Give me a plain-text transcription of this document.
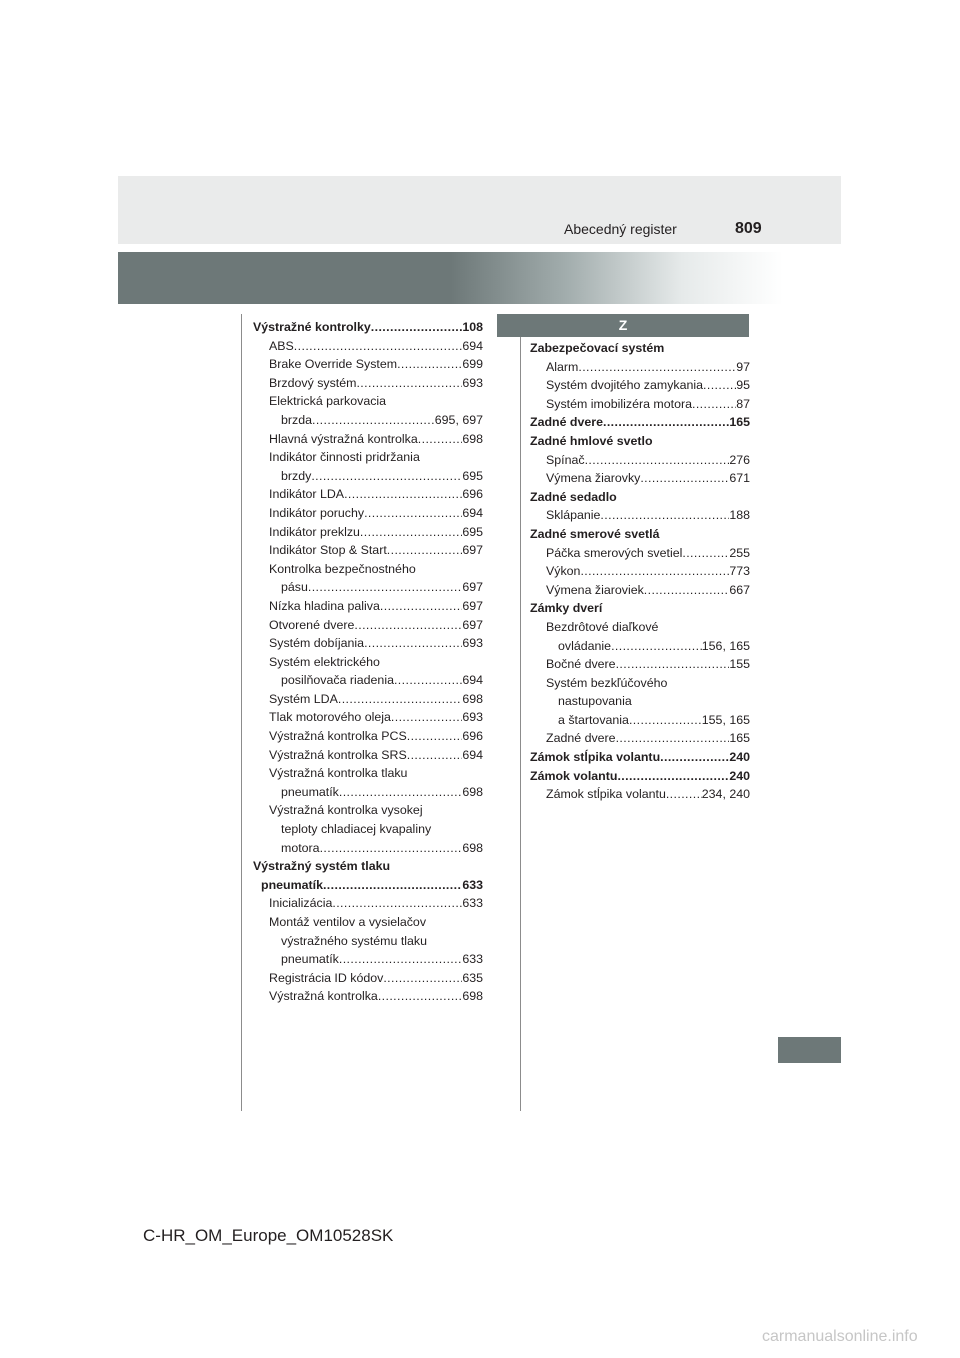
Abecedný register	809
Výstražné kontrolky .....	108
ABS .....	694
Brake Override System .....	699
Brzdový systém .....	693
Elektrická parkovacia
brzda .....	695, 697
Hlavná výstražná kontrolka .....	698
Indikátor činnosti pridržania
brzdy .....	695
Indikátor LDA .....	696
Indikátor poruchy .....	694
Indikátor preklzu .....	695
Indikátor Stop & Start .....	697
Kontrolka bezpečnostného
pásu .....	697
Nízka hladina paliva .....	697
Otvorené dvere .....	697
Systém dobíjania .....	693
Systém elektrického
posilňovača riadenia .....	694
Systém LDA .....	698
Tlak motorového oleja .....	693
Výstražná kontrolka PCS .....	696
Výstražná kontrolka SRS .....	694
Výstražná kontrolka tlaku
pneumatík .....	698
Výstražná kontrolka vysokej
teploty chladiacej kvapaliny
motora .....	698
Výstražný systém tlaku
pneumatík .....	633
Inicializácia .....	633
Montáž ventilov a vysielačov
výstražného systému tlaku
pneumatík .....	633
Registrácia ID kódov .....	635
Výstražná kontrolka .....	698
Z
Zabezpečovací systém
Alarm .....	97
Systém dvojitého zamykania .....	95
Systém imobilizéra motora .....	87
Zadné dvere .....	165
Zadné hmlové svetlo
Spínač .....	276
Výmena žiarovky .....	671
Zadné sedadlo
Sklápanie .....	188
Zadné smerové svetlá
Páčka smerových svetiel .....	255
Výkon .....	773
Výmena žiaroviek .....	667
Zámky dverí
Bezdrôtové diaľkové
ovládanie .....	156, 165
Bočné dvere .....	155
Systém bezkľúčového
nastupovania
a štartovania .....	155, 165
Zadné dvere .....	165
Zámok stĺpika volantu .....	240
Zámok volantu .....	240
Zámok stĺpika volantu .....	234, 240
C-HR_OM_Europe_OM10528SK
carmanualsonline.info
